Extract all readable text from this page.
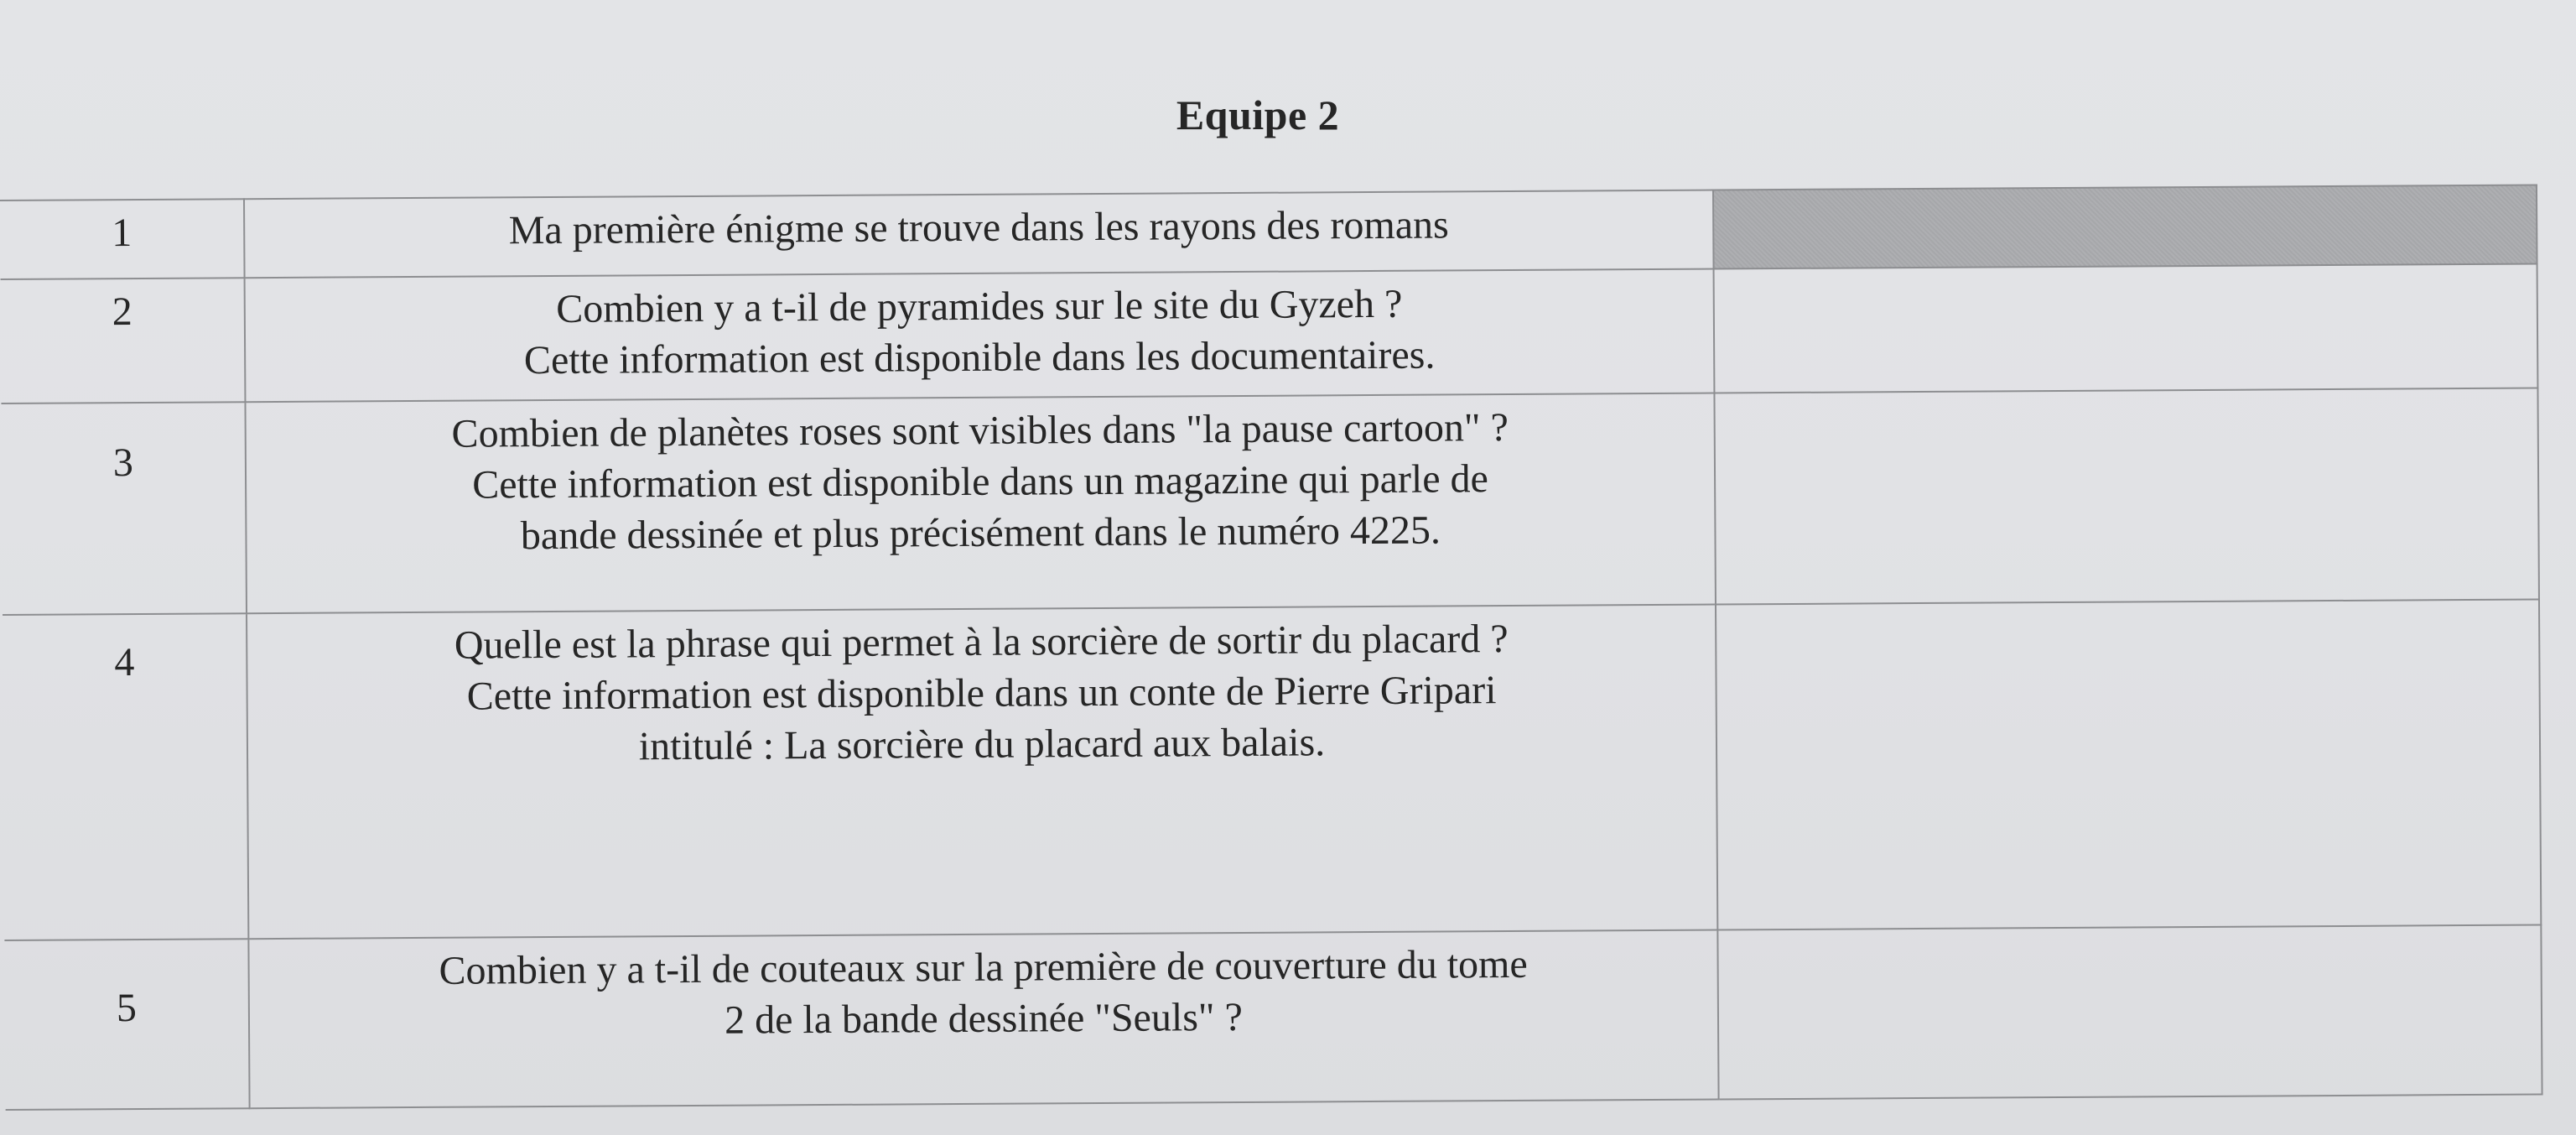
Equipe 2
1	Ma première énigme se trouve dans les rayons des romans	

2	Combien y a t-il de pyramides sur le site du Gyzeh ?
Cette information est disponible dans les documentaires.	

3	Combien de planètes roses sont visibles dans "la pause cartoon" ?
Cette information est disponible dans un magazine qui parle de
bande dessinée et plus précisément dans le numéro 4225.	

4	Quelle est la phrase qui permet à la sorcière de sortir du placard ?
Cette information est disponible dans un conte de Pierre Gripari
intitulé : La sorcière du placard aux balais.	

5	Combien y a t-il de couteaux sur la première de couverture du tome
2 de la bande dessinée "Seuls" ?	
